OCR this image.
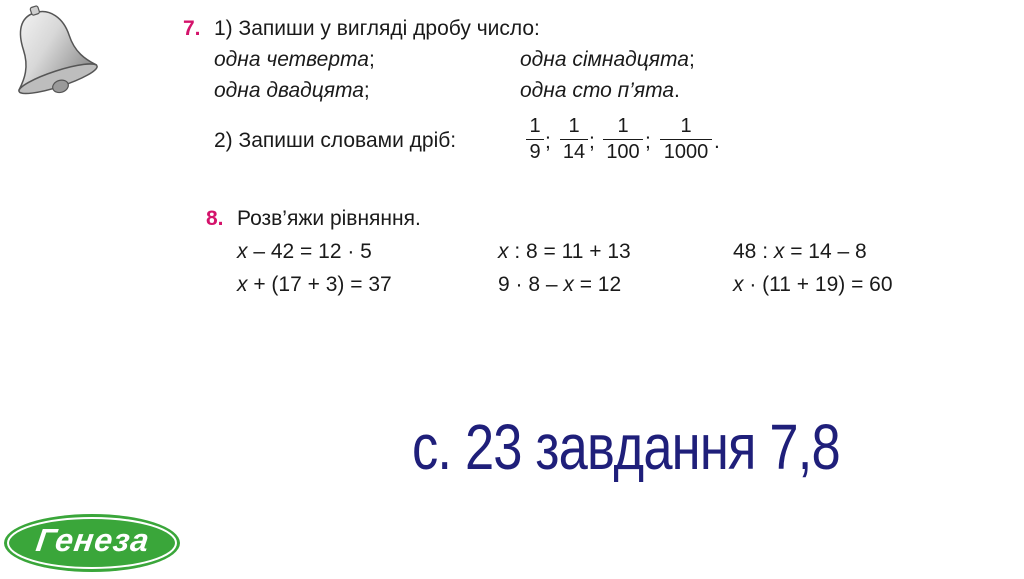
7. 1) Запиши у вигляді дробу число:
одна четверта;	одна сімнадцята;
одна двадцята;	одна сто п’ята.
2) Запиши словами дріб:
1
9 ;
1
14 ;
1
100 ;
1
1000 .
8. Розв’яжи рівняння.
x – 42 = 12 · 5	x : 8 = 11 + 13	48 : x = 14 – 8
x + (17 + 3) = 37	9 · 8 – x = 12	x · (11 + 19) = 60
с. 23 завдання 7,8
Генеза
